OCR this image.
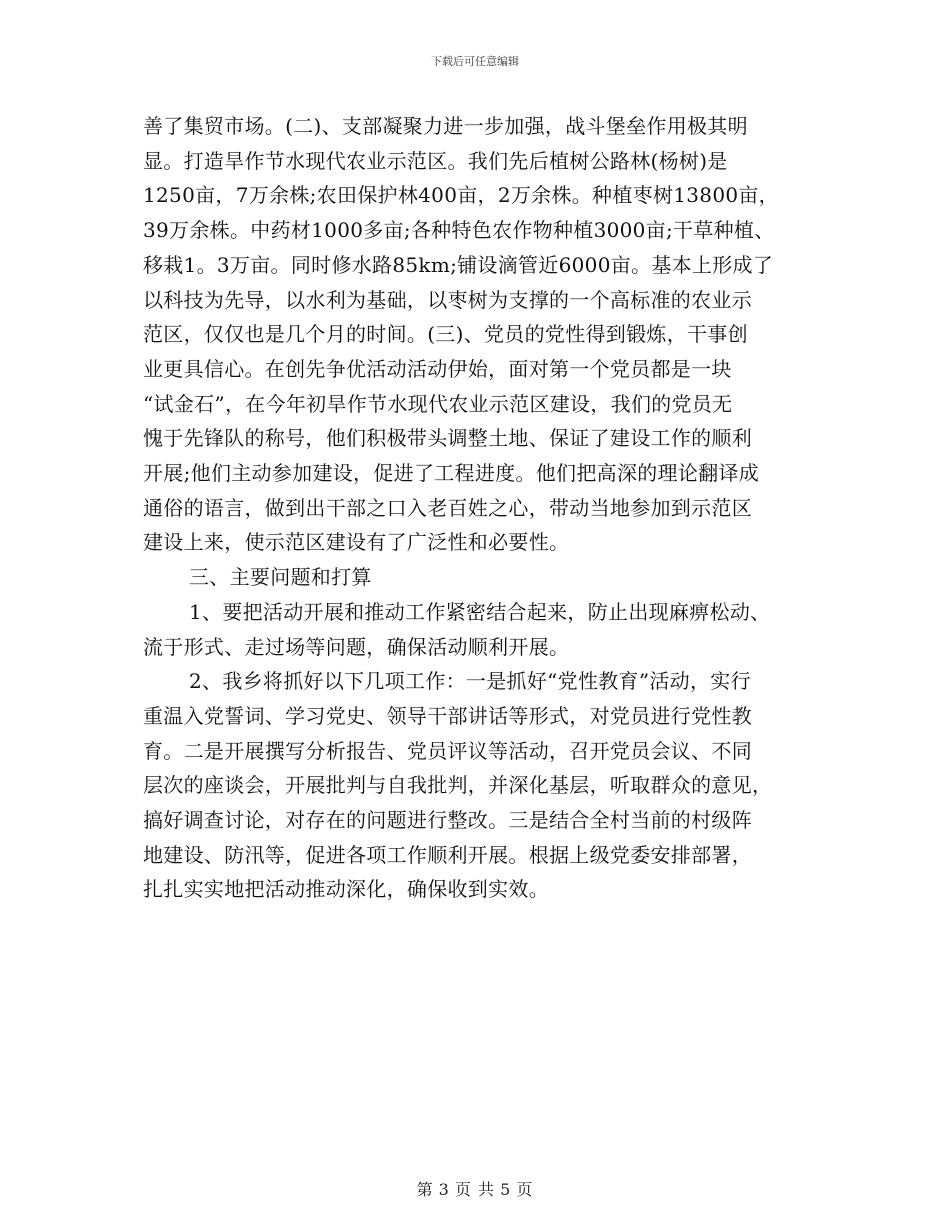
下载后可任意编辑

善了集贸市场。(二)、支部凝聚力进一步加强，战斗堡垒作用极其明
显。打造旱作节水现代农业示范区。我们先后植树公路林(杨树)是
1250亩，7万余株;农田保护林400亩，2万余株。种植枣树13800亩，
39万余株。中药材1000多亩;各种特色农作物种植3000亩;干草种植、
移栽1。3万亩。同时修水路85km;铺设滴管近6000亩。基本上形成了
以科技为先导，以水利为基础，以枣树为支撑的一个高标准的农业示
范区，仅仅也是几个月的时间。(三)、党员的党性得到锻炼，干事创
业更具信心。在创先争优活动活动伊始，面对第一个党员都是一块
“试金石”，在今年初旱作节水现代农业示范区建设，我们的党员无
愧于先锋队的称号，他们积极带头调整土地、保证了建设工作的顺利
开展;他们主动参加建设，促进了工程进度。他们把高深的理论翻译成
通俗的语言，做到出干部之口入老百姓之心，带动当地参加到示范区
建设上来，使示范区建设有了广泛性和必要性。

三、主要问题和打算

1、要把活动开展和推动工作紧密结合起来，防止出现麻痹松动、
流于形式、走过场等问题，确保活动顺利开展。

2、我乡将抓好以下几项工作：一是抓好“党性教育”活动，实行
重温入党誓词、学习党史、领导干部讲话等形式，对党员进行党性教
育。二是开展撰写分析报告、党员评议等活动，召开党员会议、不同
层次的座谈会，开展批判与自我批判，并深化基层，听取群众的意见，
搞好调查讨论，对存在的问题进行整改。三是结合全村当前的村级阵
地建设、防汛等，促进各项工作顺利开展。根据上级党委安排部署，
扎扎实实地把活动推动深化，确保收到实效。

第 3 页 共 5 页
